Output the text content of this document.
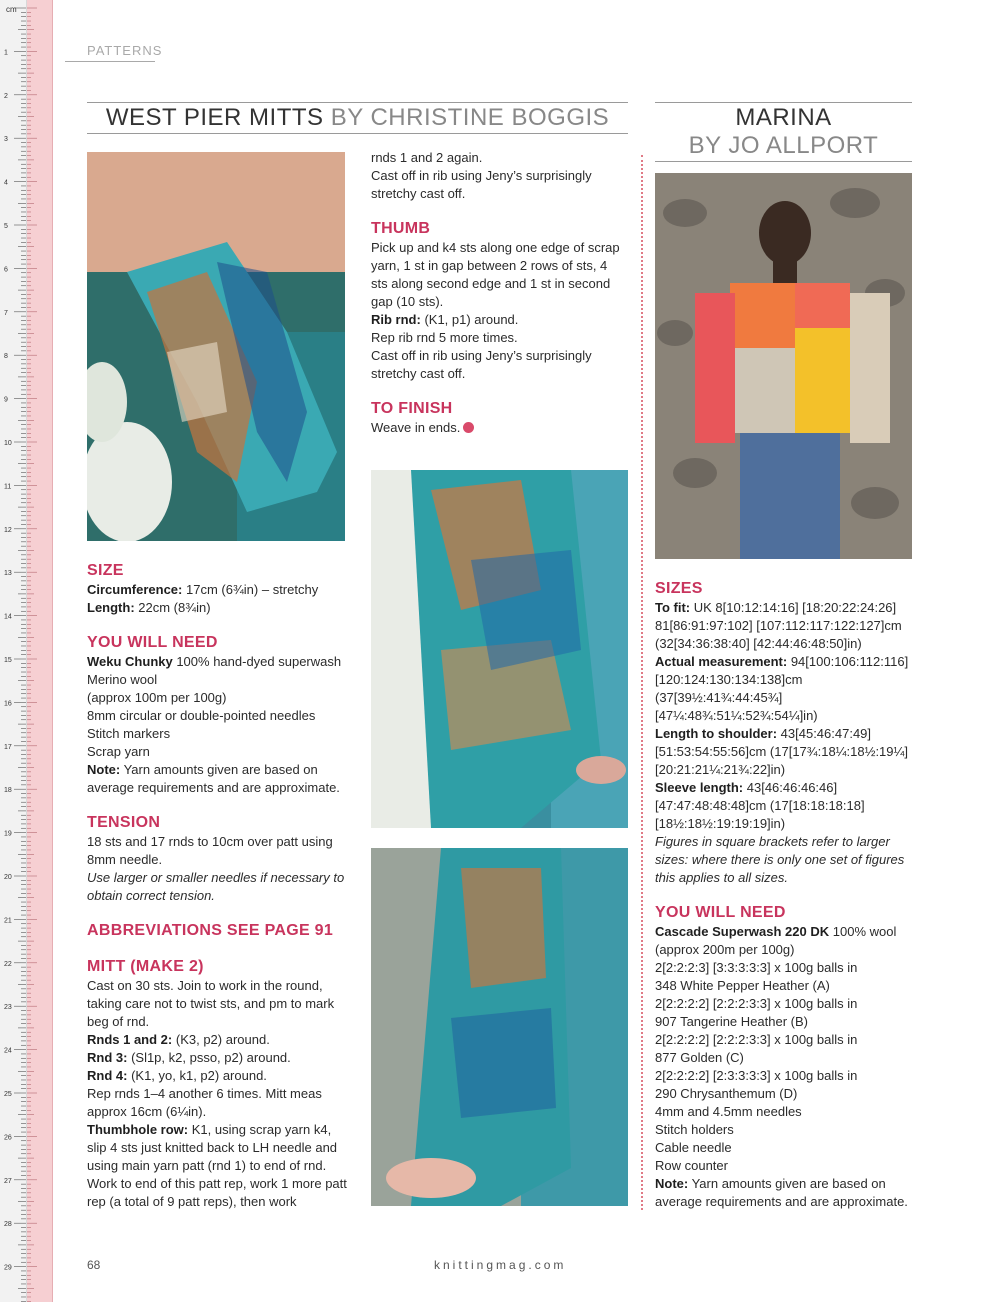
cm
1
2
3
4
5
6
7
8
9
10
11
12
13
14
15
16
17
18
19
20
21
22
23
24
25
26
27
28
29
PATTERNS
WEST PIER MITTS BY CHRISTINE BOGGIS	MARINA
BY JO ALLPORT

SIZE

Circumference: 17cm (6¾in) – stretchy

Length: 22cm (8¾in)

YOU WILL NEED

Weku Chunky 100% hand-dyed superwash Merino wool

(approx 100m per 100g)

8mm circular or double-pointed needles

Stitch markers

Scrap yarn

Note: Yarn amounts given are based on average requirements and are approximate.

TENSION

18 sts and 17 rnds to 10cm over patt using 8mm needle.

Use larger or smaller needles if necessary to obtain correct tension.

ABBREVIATIONS SEE PAGE 91

MITT (MAKE 2)

Cast on 30 sts. Join to work in the round, taking care not to twist sts, and pm to mark beg of rnd.

Rnds 1 and 2: (K3, p2) around.

Rnd 3: (Sl1p, k2, psso, p2) around.

Rnd 4: (K1, yo, k1, p2) around.

Rep rnds 1–4 another 6 times. Mitt meas approx 16cm (6¼in).

Thumbhole row: K1, using scrap yarn k4, slip 4 sts just knitted back to LH needle and using main yarn patt (rnd 1) to end of rnd. Work to end of this patt rep, work 1 more patt rep (a total of 9 patt reps), then work

rnds 1 and 2 again.

Cast off in rib using Jeny’s surprisingly stretchy cast off.

THUMB

Pick up and k4 sts along one edge of scrap yarn, 1 st in gap between 2 rows of sts, 4 sts along second edge and 1 st in second gap (10 sts).

Rib rnd: (K1, p1) around.

Rep rib rnd 5 more times.

Cast off in rib using Jeny’s surprisingly stretchy cast off.

TO FINISH

Weave in ends.

SIZES

To fit: UK 8[10:12:14:16] [18:20:22:24:26] 81[86:91:97:102] [107:112:117:122:127]cm (32[34:36:38:40] [42:44:46:48:50]in)

Actual measurement: 94[100:106:112:116] [120:124:130:134:138]cm (37[39½:41¾:44:45¾] [47¼:48¾:51¼:52¾:54¼]in)

Length to shoulder: 43[45:46:47:49] [51:53:54:55:56]cm (17[17¾:18¼:18½:19¼] [20:21:21¼:21¾:22]in)

Sleeve length: 43[46:46:46:46] [47:47:48:48:48]cm (17[18:18:18:18] [18½:18½:19:19:19]in)

Figures in square brackets refer to larger sizes: where there is only one set of figures this applies to all sizes.

YOU WILL NEED

Cascade Superwash 220 DK 100% wool

(approx 200m per 100g)

2[2:2:2:3] [3:3:3:3:3] x 100g balls in

348 White Pepper Heather (A)

2[2:2:2:2] [2:2:2:3:3] x 100g balls in

907 Tangerine Heather (B)

2[2:2:2:2] [2:2:2:3:3] x 100g balls in

877 Golden (C)

2[2:2:2:2] [2:3:3:3:3] x 100g balls in

290 Chrysanthemum (D)

4mm and 4.5mm needles

Stitch holders

Cable needle

Row counter

Note: Yarn amounts given are based on average requirements and are approximate.

68	knittingmag.com
